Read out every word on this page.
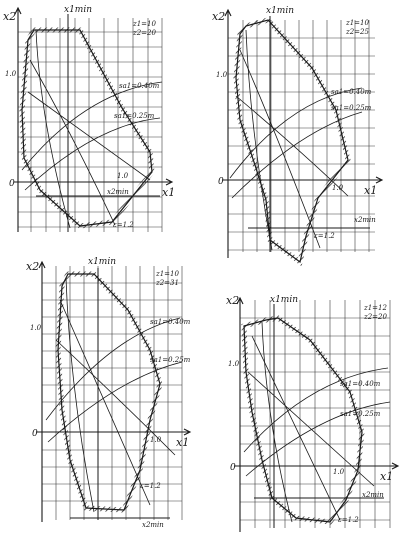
x2
x1
x1min
z1=10
z2=20
sa1=0.40m
sa1=0.25m
1.0
1.0
0
x2min
ε=1.2
x2
x1
x1min
z1=10
z2=25
sa1=0.40m
sa1=0.25m
1.0
1.0
0
x2min
ε=1.2
x2
x1
x1min
z1=10
z2=31
sa1=0.40m
sa1=0.25m
1.0
1.0
0
x2min
ε=1.2
x2
x1
x1min
z1=12
z2=20
sa1=0.40m
sa1=0.25m
1.0
1.0
0
x2min
ε=1.2
